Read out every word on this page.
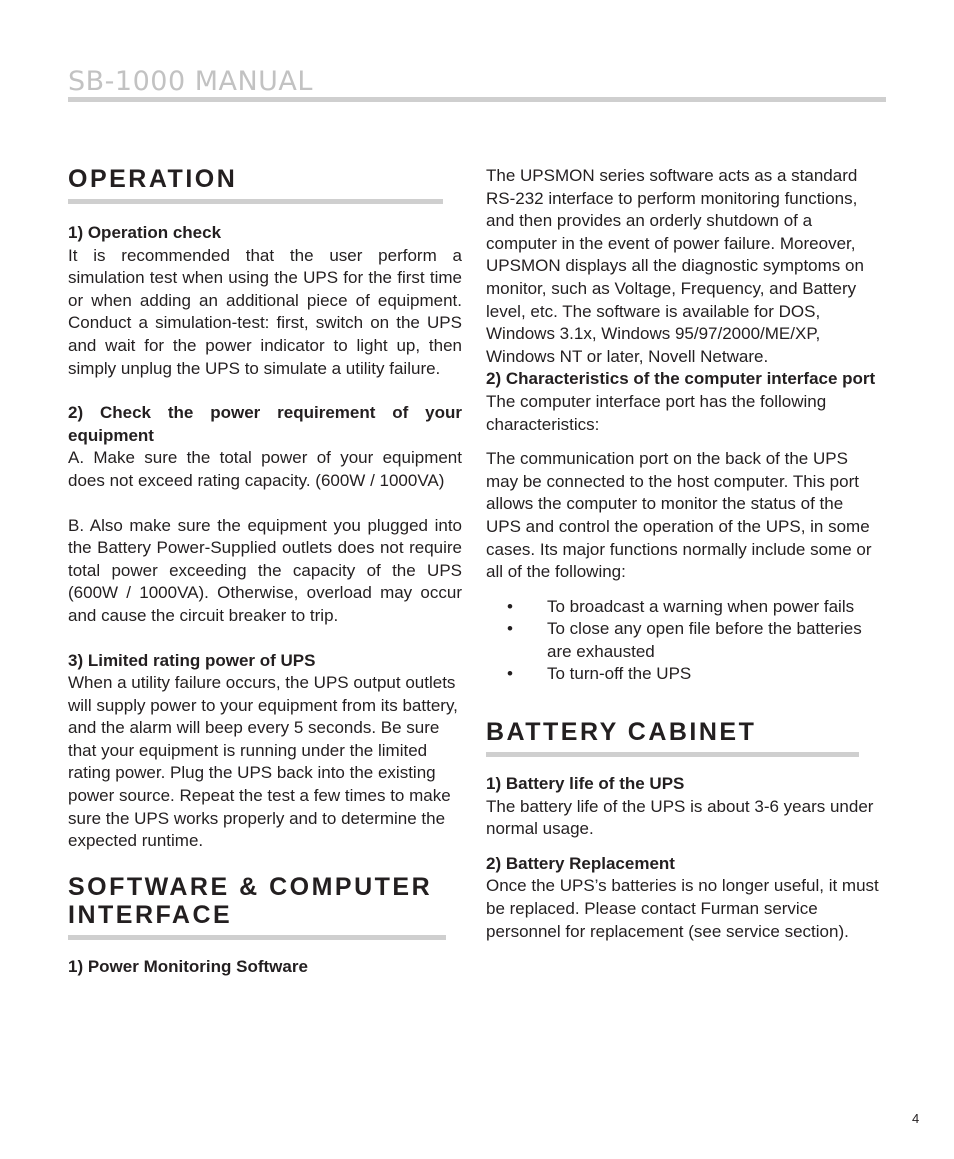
SB-1000 MANUAL
OPERATION
1) Operation check

It is recommended that the user perform a simulation test when using the UPS for the first time or when adding an additional piece of equipment. Conduct a simulation-test: first, switch on the UPS and wait for the power indicator to light up, then simply unplug the UPS to simulate a utility failure.

2) Check the power requirement of your equipment

A. Make sure the total power of your equipment does not exceed rating capacity. (600W / 1000VA)

B. Also make sure the equipment you plugged into the Battery Power-Supplied outlets does not require total power exceeding the capacity of the UPS (600W / 1000VA). Otherwise, overload may occur and cause the circuit breaker to trip.

3) Limited rating power of UPS

When a utility failure occurs, the UPS output outlets will supply power to your equipment from its battery, and the alarm will beep every 5 seconds. Be sure that your equipment is running under the limited rating power. Plug the UPS back into the existing power source. Repeat the test a few times to make sure the UPS works properly and to determine the expected runtime.

SOFTWARE & COMPUTER
INTERFACE
1) Power Monitoring Software

The UPSMON series software acts as a standard RS-232 interface to perform monitoring functions, and then provides an orderly shutdown of a computer in the event of power failure. Moreover, UPSMON displays all the diagnostic symptoms on monitor, such as Voltage, Frequency, and Battery level, etc. The software is available for DOS, Windows 3.1x, Windows 95/97/2000/ME/XP, Windows NT or later, Novell Netware.

2) Characteristics of the computer interface port

The computer interface port has the following characteristics:

The communication port on the back of the UPS may be connected to the host computer. This port allows the computer to monitor the status of the UPS and control the operation of the UPS, in some cases. Its major functions normally include some or all of the following:

• To broadcast a warning when power fails
• To close any open file before the batteries are exhausted
• To turn-off the UPS
BATTERY CABINET
1) Battery life of the UPS

The battery life of the UPS is about 3-6 years under normal usage.

2) Battery Replacement

Once the UPS’s batteries is no longer useful, it must be replaced. Please contact Furman service personnel for replacement (see service section).

4
